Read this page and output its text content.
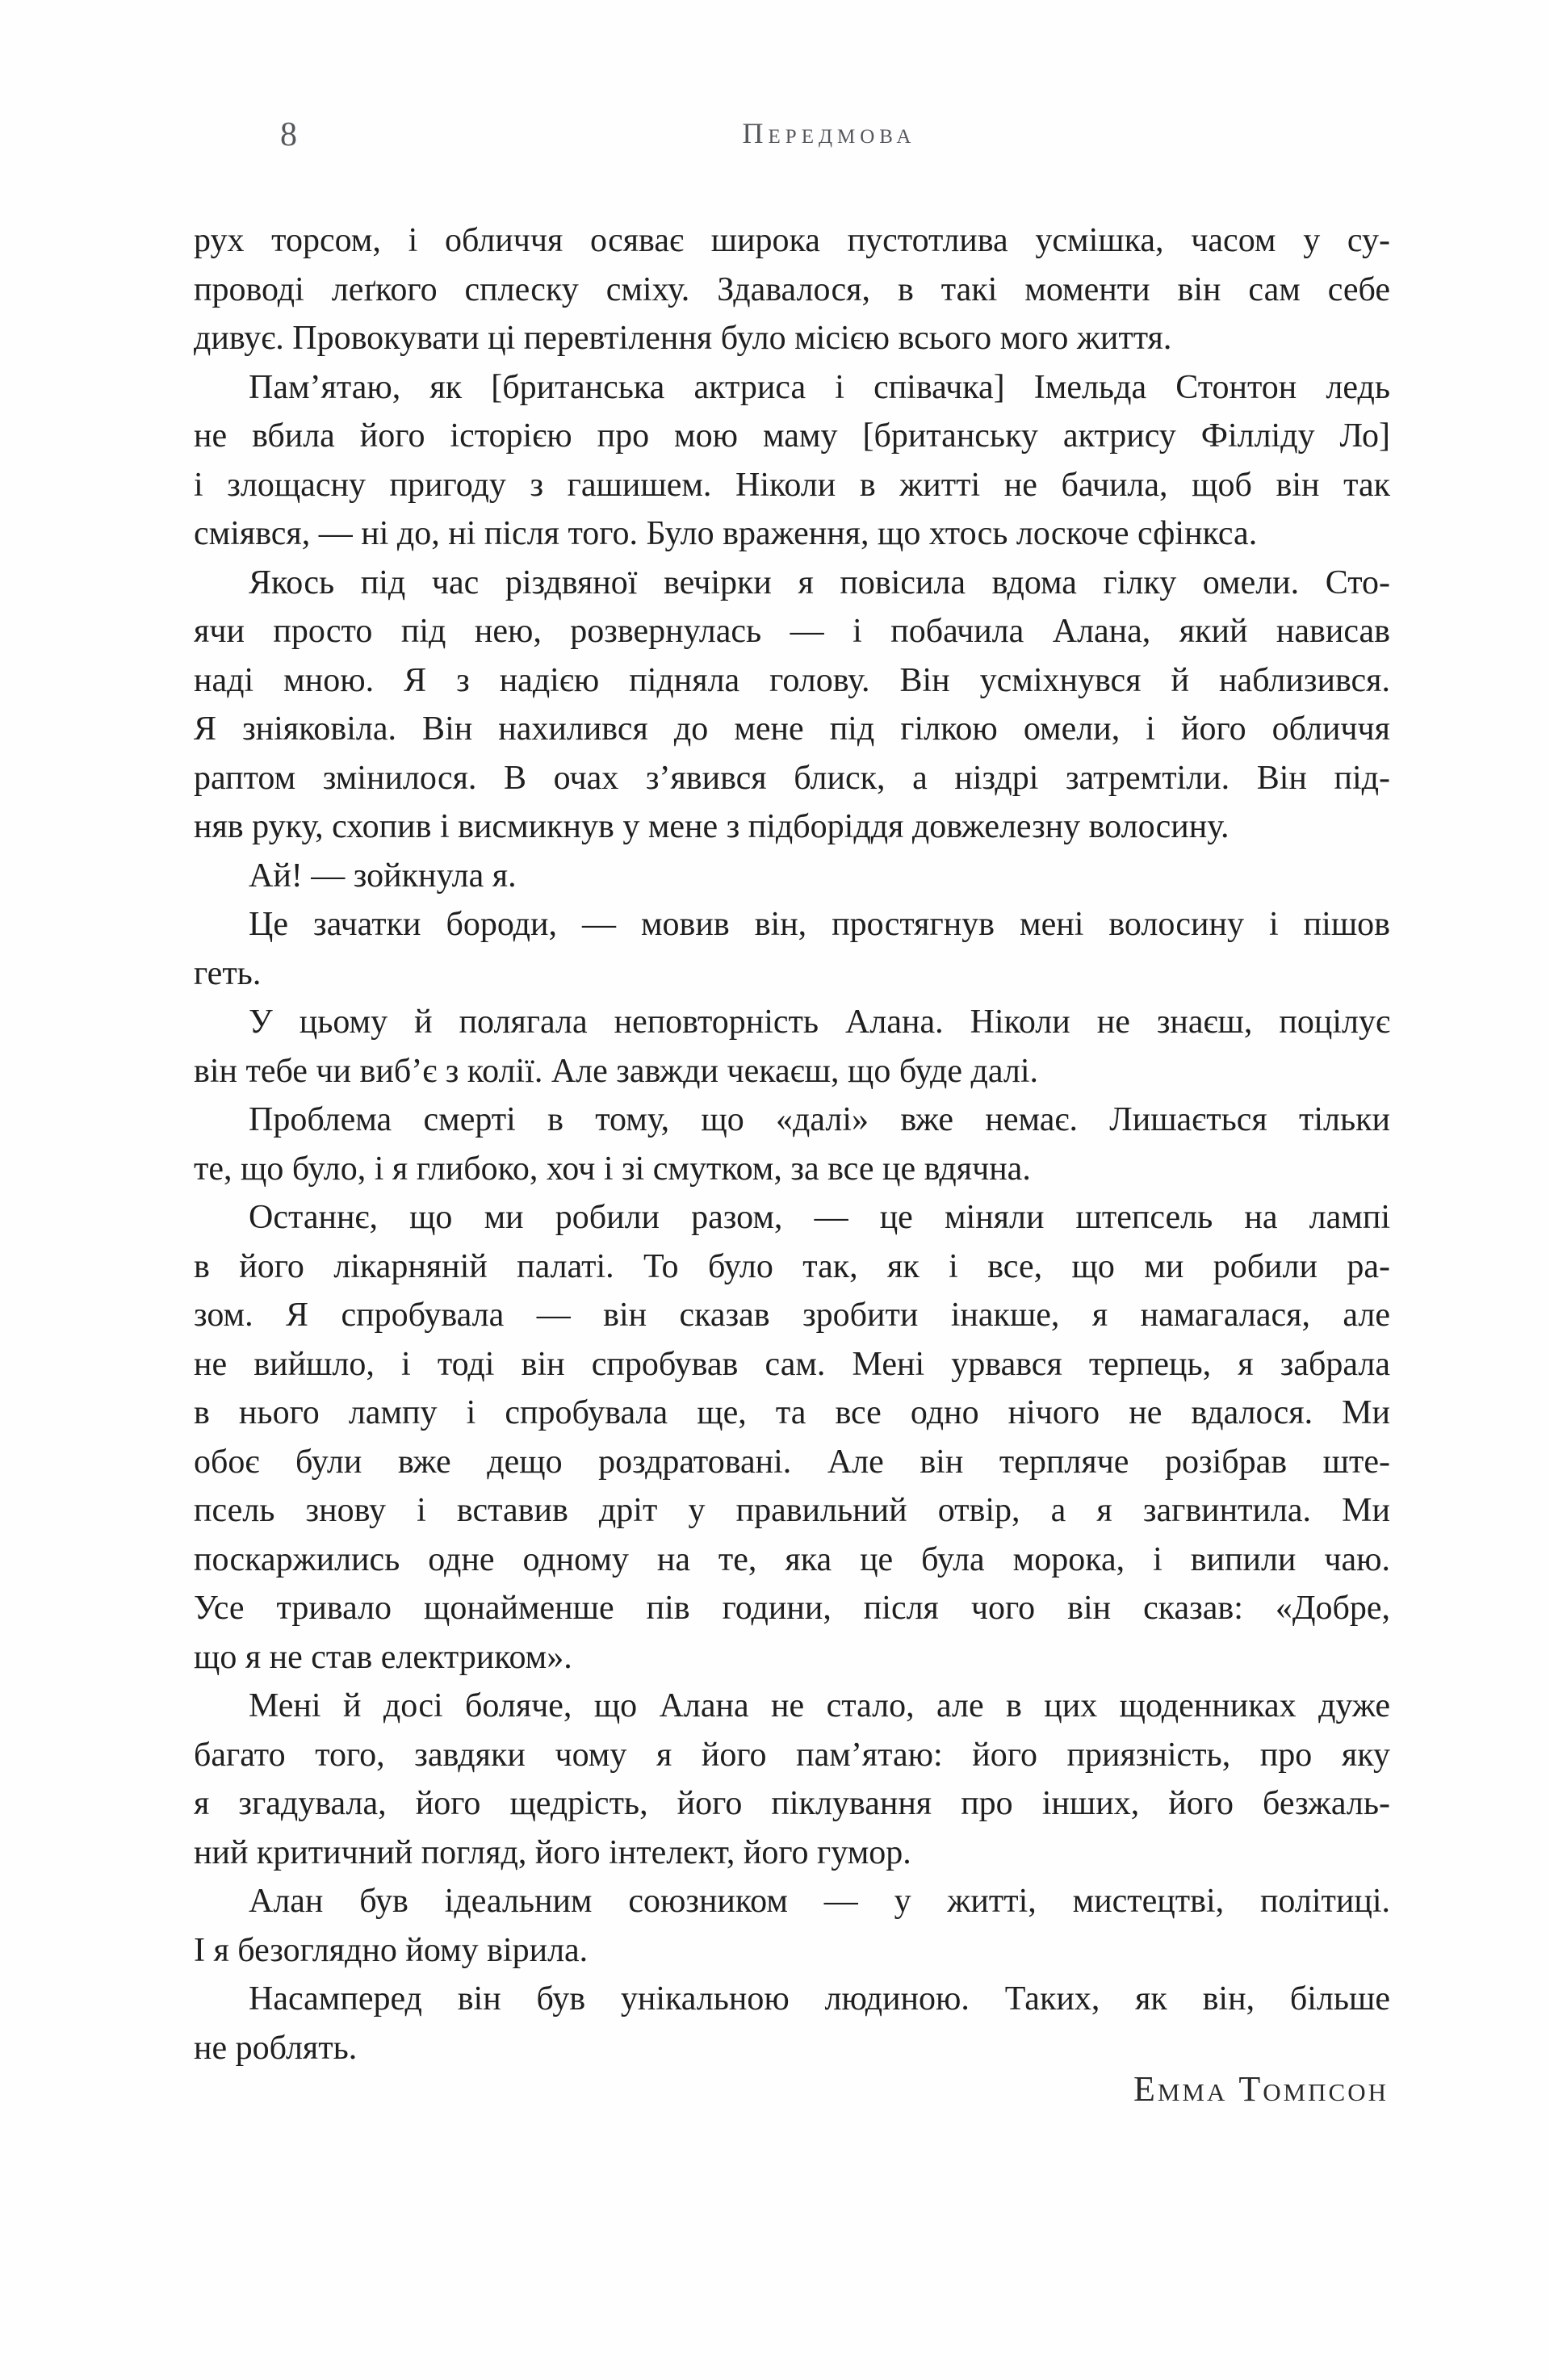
8	Передмова
рух торсом, і обличчя осяває широка пустотлива усмішка, часом у су-
проводі леґкого сплеску сміху. Здавалося, в такі моменти він сам себе
дивує. Провокувати ці перевтілення було місією всього мого життя.
Пам’ятаю, як [британська актриса і співачка] Імельда Стонтон ледь
не вбила його історією про мою маму [британську актрису Філліду Ло]
і злощасну пригоду з гашишем. Ніколи в житті не бачила, щоб він так
сміявся, — ні до, ні після того. Було враження, що хтось лоскоче сфінкса.
Якось під час різдвяної вечірки я повісила вдома гілку омели. Сто-
ячи просто під нею, розвернулась — і побачила Алана, який нависав
наді мною. Я з надією підняла голову. Він усміхнувся й наблизився.
Я зніяковіла. Він нахилився до мене під гілкою омели, і його обличчя
раптом змінилося. В очах з’явився блиск, а ніздрі затремтіли. Він під-
няв руку, схопив і висмикнув у мене з підборіддя довжелезну волосину.
Ай! — зойкнула я.
Це зачатки бороди, — мовив він, простягнув мені волосину і пішов
геть.
У цьому й полягала неповторність Алана. Ніколи не знаєш, поцілує
він тебе чи виб’є з колії. Але завжди чекаєш, що буде далі.
Проблема смерті в тому, що «далі» вже немає. Лишається тільки
те, що було, і я глибоко, хоч і зі смутком, за все це вдячна.
Останнє, що ми робили разом, — це міняли штепсель на лампі
в його лікарняній палаті. То було так, як і все, що ми робили ра-
зом. Я спробувала — він сказав зробити інакше, я намагалася, але
не вийшло, і тоді він спробував сам. Мені урвався терпець, я забрала
в нього лампу і спробувала ще, та все одно нічого не вдалося. Ми
обоє були вже дещо роздратовані. Але він терпляче розібрав ште-
псель знову і вставив дріт у правильний отвір, а я загвинтила. Ми
поскаржились одне одному на те, яка це була морока, і випили чаю.
Усе тривало щонайменше пів години, після чого він сказав: «Добре,
що я не став електриком».
Мені й досі боляче, що Алана не стало, але в цих щоденниках дуже
багато того, завдяки чому я його пам’ятаю: його приязність, про яку
я згадувала, його щедрість, його піклування про інших, його безжаль-
ний критичний погляд, його інтелект, його гумор.
Алан був ідеальним союзником — у житті, мистецтві, політиці.
І я безоглядно йому вірила.
Насамперед він був унікальною людиною. Таких, як він, більше
не роблять.
Емма Томпсон
